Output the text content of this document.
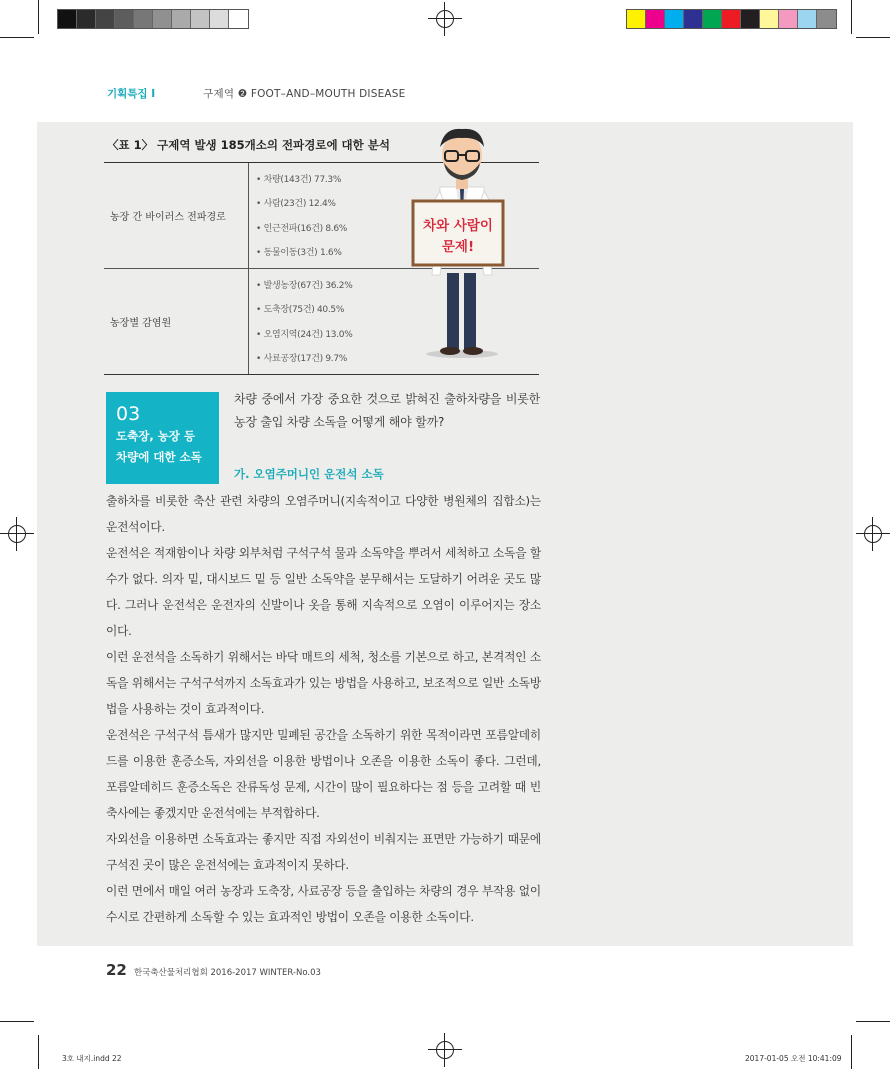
기획특집 Ⅰ	구제역 ❷ FOOT–AND–MOUTH DISEASE
〈표 1〉 구제역 발생 185개소의 전파경로에 대한 분석
농장 간 바이러스 전파경로
• 차량(143건) 77.3%
• 사람(23건) 12.4%
• 인근전파(16건) 8.6%
• 동물이동(3건) 1.6%
농장별 감염원
• 발생농장(67건) 36.2%
• 도축장(75건) 40.5%
• 오염지역(24건) 13.0%
• 사료공장(17건) 9.7%
차와 사람이
문제!
03
도축장, 농장 등
차량에 대한 소독

차량 중에서 가장 중요한 것으로 밝혀진 출하차량을 비롯한 농장 출입 차량 소독을 어떻게 해야 할까?

가. 오염주머니인 운전석 소독

출하차를 비롯한 축산 관련 차량의 오염주머니(지속적이고 다양한 병원체의 집합소)는 운전석이다.

운전석은 적재함이나 차량 외부처럼 구석구석 물과 소독약을 뿌려서 세척하고 소독을 할 수가 없다. 의자 밑, 대시보드 밑 등 일반 소독약을 분무해서는 도달하기 어려운 곳도 많다. 그러나 운전석은 운전자의 신발이나 옷을 통해 지속적으로 오염이 이루어지는 장소이다.

이런 운전석을 소독하기 위해서는 바닥 매트의 세척, 청소를 기본으로 하고, 본격적인 소독을 위해서는 구석구석까지 소독효과가 있는 방법을 사용하고, 보조적으로 일반 소독방법을 사용하는 것이 효과적이다.

운전석은 구석구석 틈새가 많지만 밀폐된 공간을 소독하기 위한 목적이라면 포름알데히드를 이용한 훈증소독, 자외선을 이용한 방법이나 오존을 이용한 소독이 좋다. 그런데, 포름알데히드 훈증소독은 잔류독성 문제, 시간이 많이 필요하다는 점 등을 고려할 때 빈 축사에는 좋겠지만 운전석에는 부적합하다.

자외선을 이용하면 소독효과는 좋지만 직접 자외선이 비춰지는 표면만 가능하기 때문에 구석진 곳이 많은 운전석에는 효과적이지 못하다.

이런 면에서 매일 여러 농장과 도축장, 사료공장 등을 출입하는 차량의 경우 부작용 없이 수시로 간편하게 소독할 수 있는 효과적인 방법이 오존을 이용한 소독이다.

22 한국축산물처리협회 2016-2017 WINTER-No.03
3호 내지.indd 22	2017-01-05 오전 10:41:09
